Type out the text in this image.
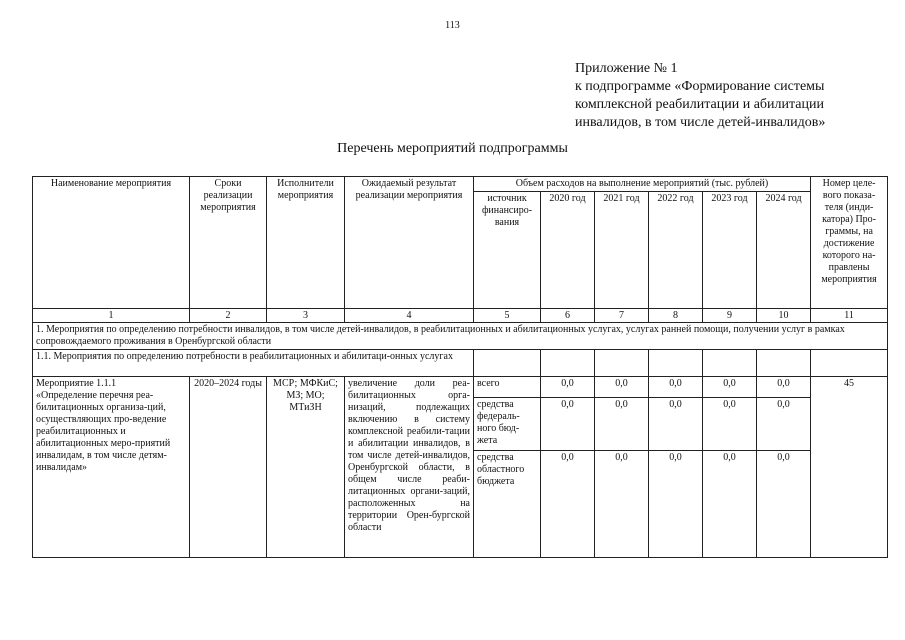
113
Приложение № 1
к подпрограмме «Формирование системы
комплексной реабилитации и абилитации
инвалидов, в том числе детей-инвалидов»
Перечень мероприятий подпрограммы
Наименование мероприятия	Сроки реализации мероприятия	Исполнители мероприятия	Ожидаемый результат реализации мероприятия	Объем расходов на выполнение мероприятий (тыс. рублей)						Номер целе-вого показа-теля (инди-катора) Про-граммы, на достижение которого на-правлены мероприятия
				источник финансиро-вания	2020 год	2021 год	2022 год	2023 год	2024 год	
1	2	3	4	5	6	7	8	9	10	11
1. Мероприятия по определению потребности инвалидов, в том числе детей-инвалидов, в реабилитационных и абилитационных услугах, услугах ранней помощи, получении услуг в рамках сопровождаемого проживания в Оренбургской области										
1.1. Мероприятия по определению потребности в реабилитационных и абилитаци-онных услугах										

Мероприятие 1.1.1
«Определение перечня реа-билитационных организа-ций, осуществляющих про-ведение реабилитационных и абилитационных меро-приятий инвалидам, в том числе детям-инвалидам»	2020–2024 годы	МСР; МФКиС; МЗ; МО; МТиЗН	увеличение доли реа-билитационных орга-низаций, подлежащих включению в систему комплексной реабили-тации и абилитации инвалидов, в том числе детей-инвалидов, Оренбургской области, в общем числе реаби-литационных органи-заций, расположенных на территории Орен-бургской области	всего	0,0	0,0	0,0	0,0	0,0	45
				средства федераль-ного бюд-жета	0,0	0,0	0,0	0,0	0,0	
				средства областного бюджета	0,0	0,0	0,0	0,0	0,0	
